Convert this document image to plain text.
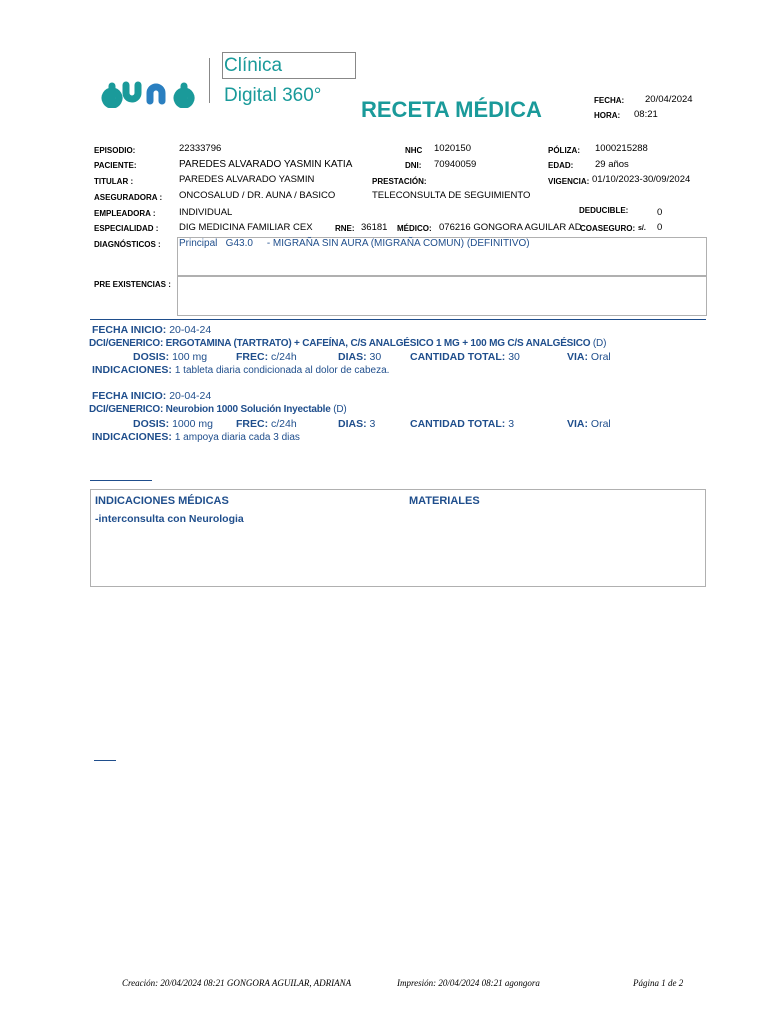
Clínica
Digital 360°
RECETA MÉDICA	FECHA: 20/04/2024
HORA: 08:21
EPISODIO:	22333796	NHC 1020150	PÓLIZA: 1000215288
PACIENTE:	PAREDES ALVARADO YASMIN KATIA	DNI: 70940059	EDAD: 29 años
TITULAR :	PAREDES ALVARADO YASMIN	PRESTACIÓN:	VIGENCIA: 01/10/2023-30/09/2024
ASEGURADORA : ONCOSALUD / DR. AUNA / BASICO	TELECONSULTA DE SEGUIMIENTO
EMPLEADORA : INDIVIDUAL	DEDUCIBLE:	0
ESPECIALIDAD : DIG MEDICINA FAMILIAR CEX	RNE: 36181 MÉDICO: 076216 GONGORA AGUILAR AD
COASEGURO: s/. 0
DIAGNÓSTICOS : Principal   G43.0     - MIGRAÑA SIN AURA (MIGRAÑA COMUN) (DEFINITIVO)
PRE EXISTENCIAS :
FECHA INICIO: 20-04-24
DCI/GENERICO: ERGOTAMINA (TARTRATO) + CAFEÍNA, C/S ANALGÉSICO 1 MG + 100 MG C/S ANALGÉSICO (D)
DOSIS: 100 mg	FREC: c/24h	DIAS: 30	CANTIDAD TOTAL: 30	VIA: Oral
INDICACIONES: 1 tableta diaria condicionada al dolor de cabeza.
FECHA INICIO: 20-04-24
DCI/GENERICO: Neurobion 1000 Solución Inyectable (D)
DOSIS: 1000 mg FREC: c/24h	DIAS: 3	CANTIDAD TOTAL: 3	VIA: Oral
INDICACIONES: 1 ampoya diaria cada 3 dias
INDICACIONES MÉDICAS	MATERIALES
-interconsulta con Neurologia
Creación: 20/04/2024 08:21 GONGORA AGUILAR, ADRIANA	Impresión: 20/04/2024 08:21 agongora	Página 1 de 2
